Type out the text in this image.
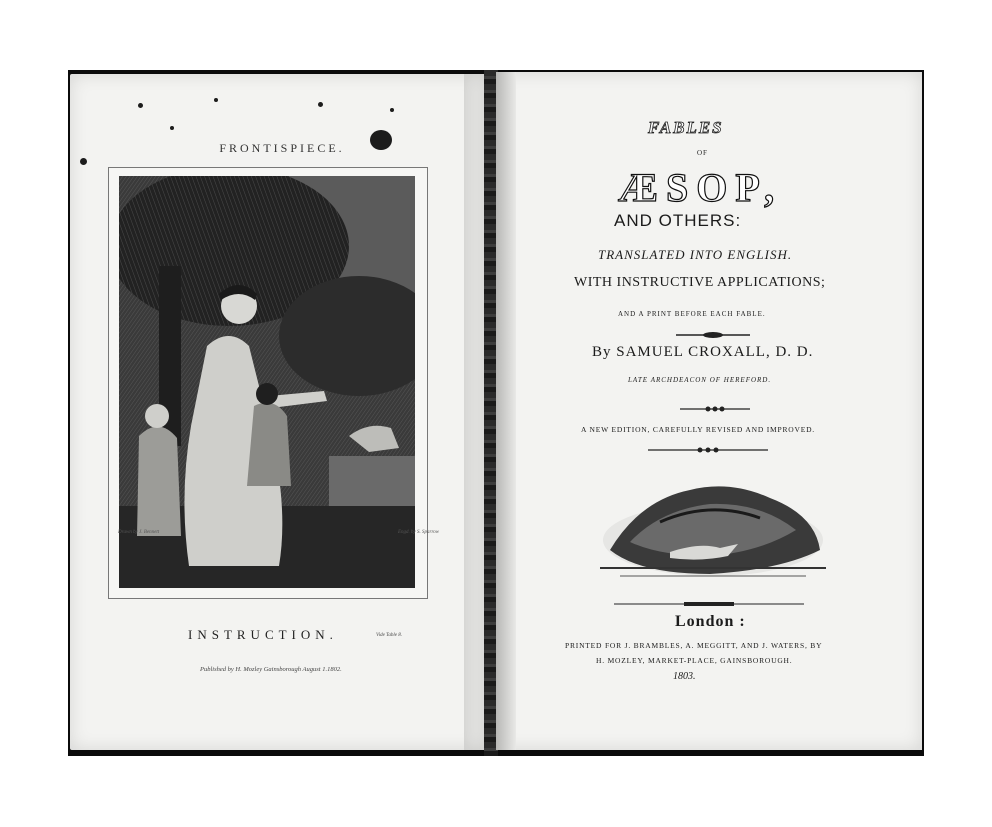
FRONTISPIECE.
Drawn by J. Bennett	Engd. by S. Sparrow
INSTRUCTION.	Vide Table 8.
Published by H. Mozley Gainsborough August 1.1802.
FABLES
OF
ÆSOP,
AND OTHERS:
TRANSLATED INTO ENGLISH.
WITH INSTRUCTIVE APPLICATIONS;
AND A PRINT BEFORE EACH FABLE.
By SAMUEL CROXALL, D. D.
LATE ARCHDEACON OF HEREFORD.
A NEW EDITION, CAREFULLY REVISED AND IMPROVED.
London :
PRINTED FOR J. BRAMBLES, A. MEGGITT, AND J. WATERS, BY
H. MOZLEY, MARKET-PLACE, GAINSBOROUGH.
1803.
